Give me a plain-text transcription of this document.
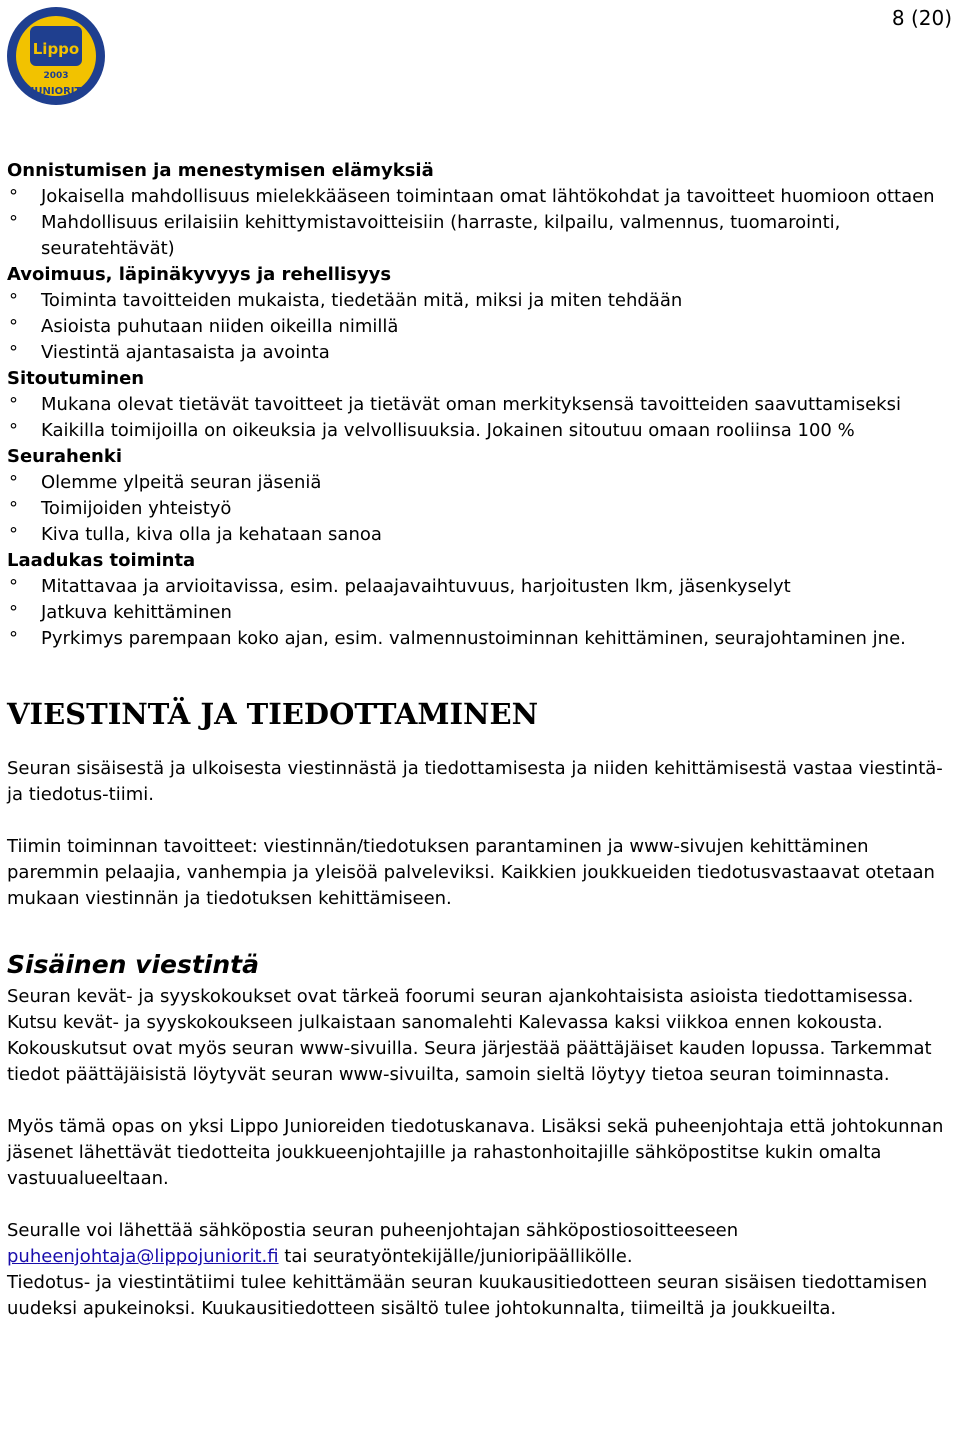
Lippo
2003
JUNIORIT
8 (20)
Onnistumisen ja menestymisen elämyksiä
° Jokaisella mahdollisuus mielekkääseen toimintaan omat lähtökohdat ja tavoitteet huomioon ottaen
° Mahdollisuus erilaisiin kehittymistavoitteisiin (harraste, kilpailu, valmennus, tuomarointi, seuratehtävät)
Avoimuus, läpinäkyvyys ja rehellisyys
° Toiminta tavoitteiden mukaista, tiedetään mitä, miksi ja miten tehdään
° Asioista puhutaan niiden oikeilla nimillä
° Viestintä ajantasaista ja avointa
Sitoutuminen
° Mukana olevat tietävät tavoitteet ja tietävät oman merkityksensä tavoitteiden saavuttamiseksi
° Kaikilla toimijoilla on oikeuksia ja velvollisuuksia. Jokainen sitoutuu omaan rooliinsa 100 %
Seurahenki
° Olemme ylpeitä seuran jäseniä
° Toimijoiden yhteistyö
° Kiva tulla, kiva olla ja kehataan sanoa
Laadukas toiminta
° Mitattavaa ja arvioitavissa, esim. pelaajavaihtuvuus, harjoitusten lkm, jäsenkyselyt
° Jatkuva kehittäminen
° Pyrkimys parempaan koko ajan, esim. valmennustoiminnan kehittäminen, seurajohtaminen jne.
VIESTINTÄ JA TIEDOTTAMINEN

Seuran sisäisestä ja ulkoisesta viestinnästä ja tiedottamisesta ja niiden kehittämisestä vastaa viestintä- ja tiedotus-tiimi.

Tiimin toiminnan tavoitteet: viestinnän/tiedotuksen parantaminen ja www-sivujen kehittäminen paremmin pelaajia, vanhempia ja yleisöä palveleviksi. Kaikkien joukkueiden tiedotusvastaavat otetaan mukaan viestinnän ja tiedotuksen kehittämiseen.

Sisäinen viestintä

Seuran kevät- ja syyskokoukset ovat tärkeä foorumi seuran ajankohtaisista asioista tiedottamisessa. Kutsu kevät- ja syyskokoukseen julkaistaan sanomalehti Kalevassa kaksi viikkoa ennen kokousta. Kokouskutsut ovat myös seuran www-sivuilla. Seura järjestää päättäjäiset kauden lopussa. Tarkemmat tiedot päättäjäisistä löytyvät seuran www-sivuilta, samoin sieltä löytyy tietoa seuran toiminnasta.

Myös tämä opas on yksi Lippo Junioreiden tiedotuskanava. Lisäksi sekä puheenjohtaja että johtokunnan jäsenet lähettävät tiedotteita joukkueenjohtajille ja rahastonhoitajille sähköpostitse kukin omalta vastuualueeltaan.

Seuralle voi lähettää sähköpostia seuran puheenjohtajan sähköpostiosoitteeseen
puheenjohtaja@lippojuniorit.fi tai seuratyöntekijälle/junioripäällikölle.

Tiedotus- ja viestintätiimi tulee kehittämään seuran kuukausitiedotteen seuran sisäisen tiedottamisen uudeksi apukeinoksi. Kuukausitiedotteen sisältö tulee johtokunnalta, tiimeiltä ja joukkueilta.
